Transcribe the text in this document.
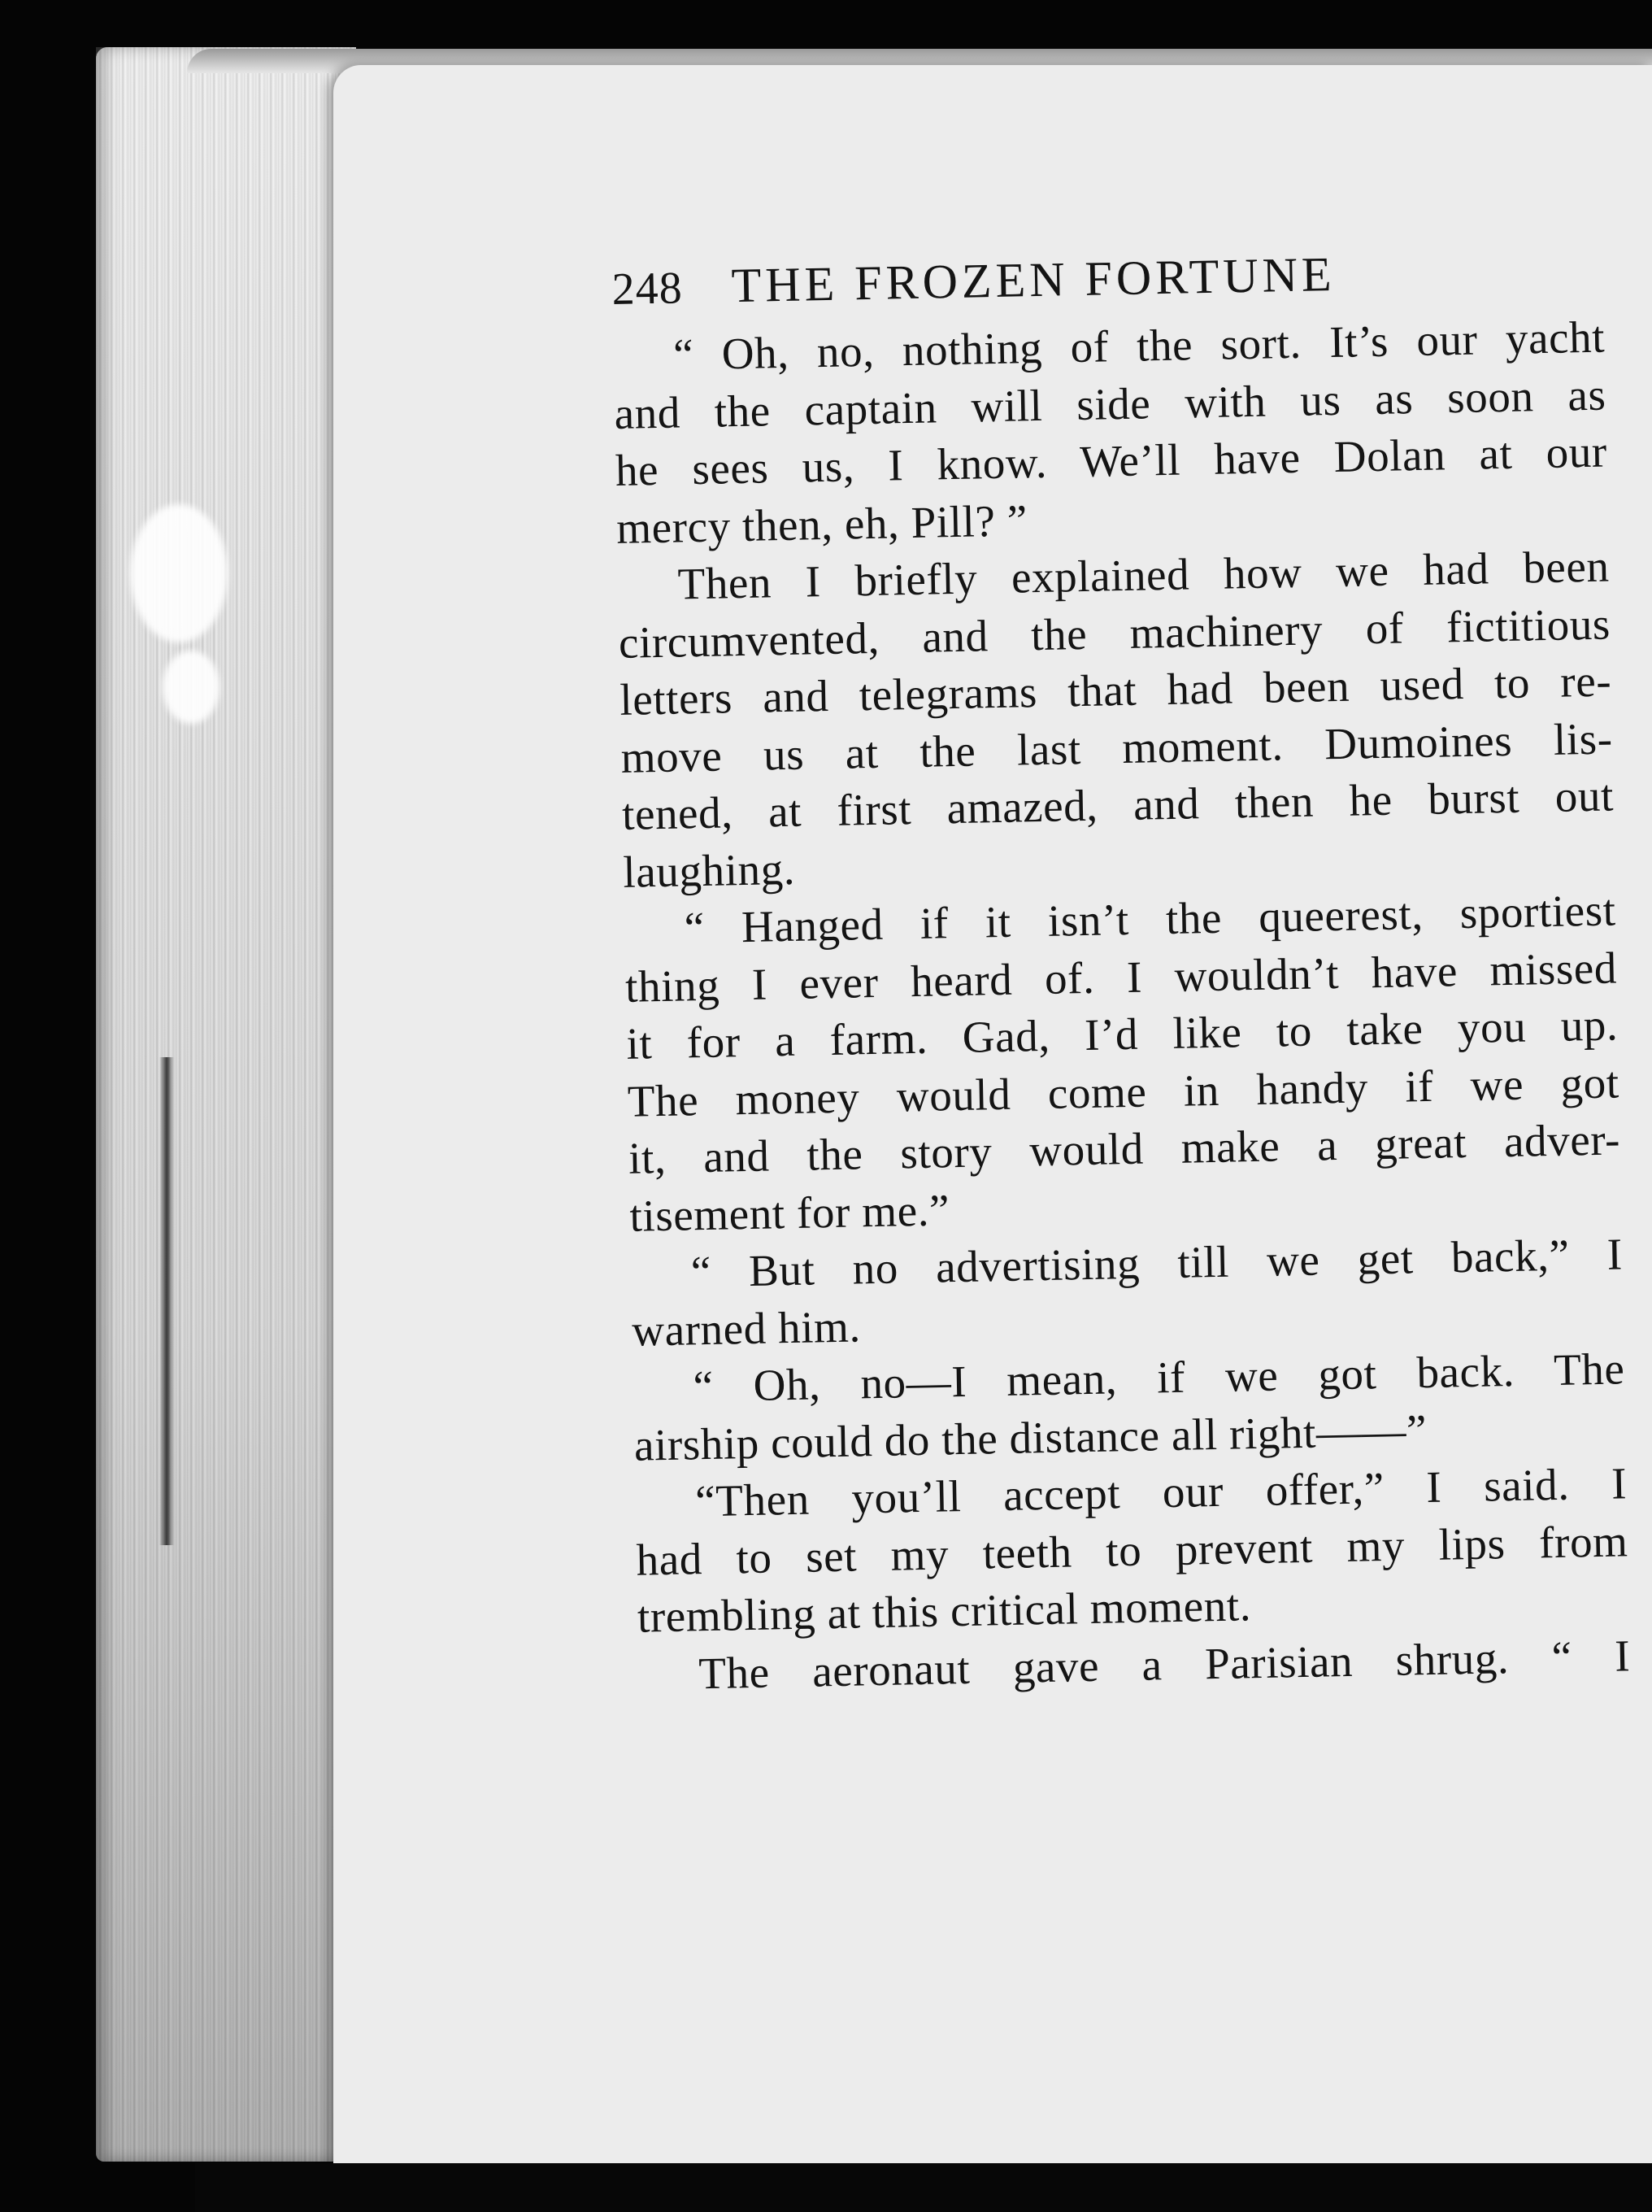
248 THE FROZEN FORTUNE
“ Oh, no, nothing of the sort. It’s our yacht
and the captain will side with us as soon as
he sees us, I know. We’ll have Dolan at our
mercy then, eh, Pill? ”
Then I briefly explained how we had been
circumvented, and the machinery of fictitious
letters and telegrams that had been used to re-
move us at the last moment. Dumoines lis-
tened, at first amazed, and then he burst out
laughing.
“ Hanged if it isn’t the queerest, sportiest
thing I ever heard of. I wouldn’t have missed
it for a farm. Gad, I’d like to take you up.
The money would come in handy if we got
it, and the story would make a great adver-
tisement for me.”
“ But no advertising till we get back,” I
warned him.
“ Oh, no—I mean, if we got back. The
airship could do the distance all right——”
“Then you’ll accept our offer,” I said. I
had to set my teeth to prevent my lips from
trembling at this critical moment.
The aeronaut gave a Parisian shrug. “ I
